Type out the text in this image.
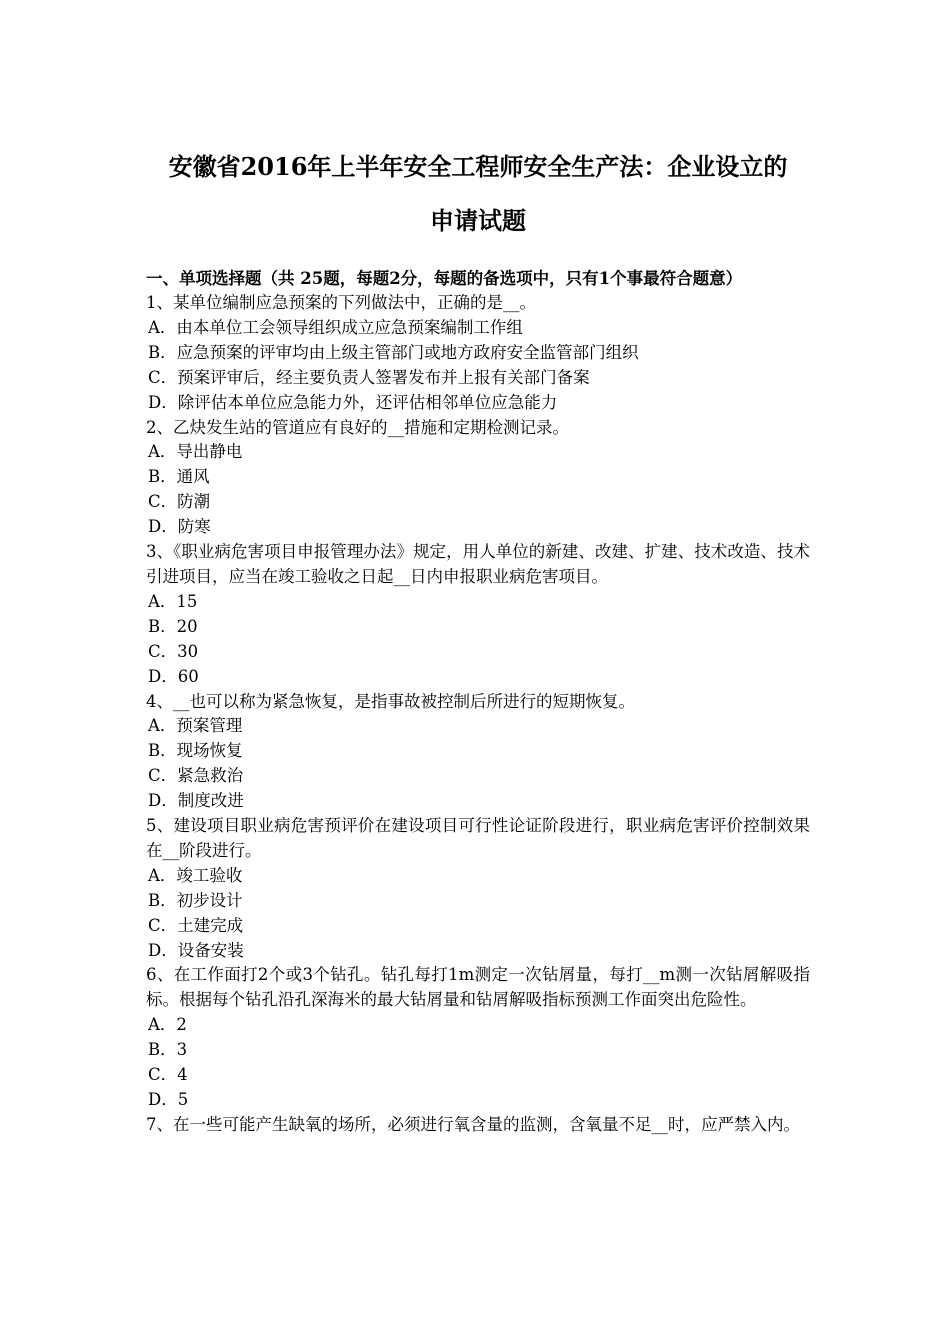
安徽省2016年上半年安全工程师安全生产法：企业设立的
申请试题
一、单项选择题（共 25题，每题2分，每题的备选项中，只有1个事最符合题意）
1、某单位编制应急预案的下列做法中，正确的是__。
A．由本单位工会领导组织成立应急预案编制工作组
B．应急预案的评审均由上级主管部门或地方政府安全监管部门组织
C．预案评审后，经主要负责人签署发布并上报有关部门备案
D．除评估本单位应急能力外，还评估相邻单位应急能力
2、乙炔发生站的管道应有良好的__措施和定期检测记录。
A．导出静电
B．通风
C．防潮
D．防寒
3、《职业病危害项目申报管理办法》规定，用人单位的新建、改建、扩建、技术改造、技术引进项目，应当在竣工验收之日起__日内申报职业病危害项目。
A．15
B．20
C．30
D．60
4、__也可以称为紧急恢复，是指事故被控制后所进行的短期恢复。
A．预案管理
B．现场恢复
C．紧急救治
D．制度改进
5、建设项目职业病危害预评价在建设项目可行性论证阶段进行，职业病危害评价控制效果在__阶段进行。
A．竣工验收
B．初步设计
C．土建完成
D．设备安装
6、在工作面打2个或3个钻孔。钻孔每打1m测定一次钻屑量，每打__m测一次钻屑解吸指标。根据每个钻孔沿孔深海米的最大钻屑量和钻屑解吸指标预测工作面突出危险性。
A．2
B．3
C．4
D．5
7、在一些可能产生缺氧的场所，必须进行氧含量的监测，含氧量不足__时，应严禁入内。
